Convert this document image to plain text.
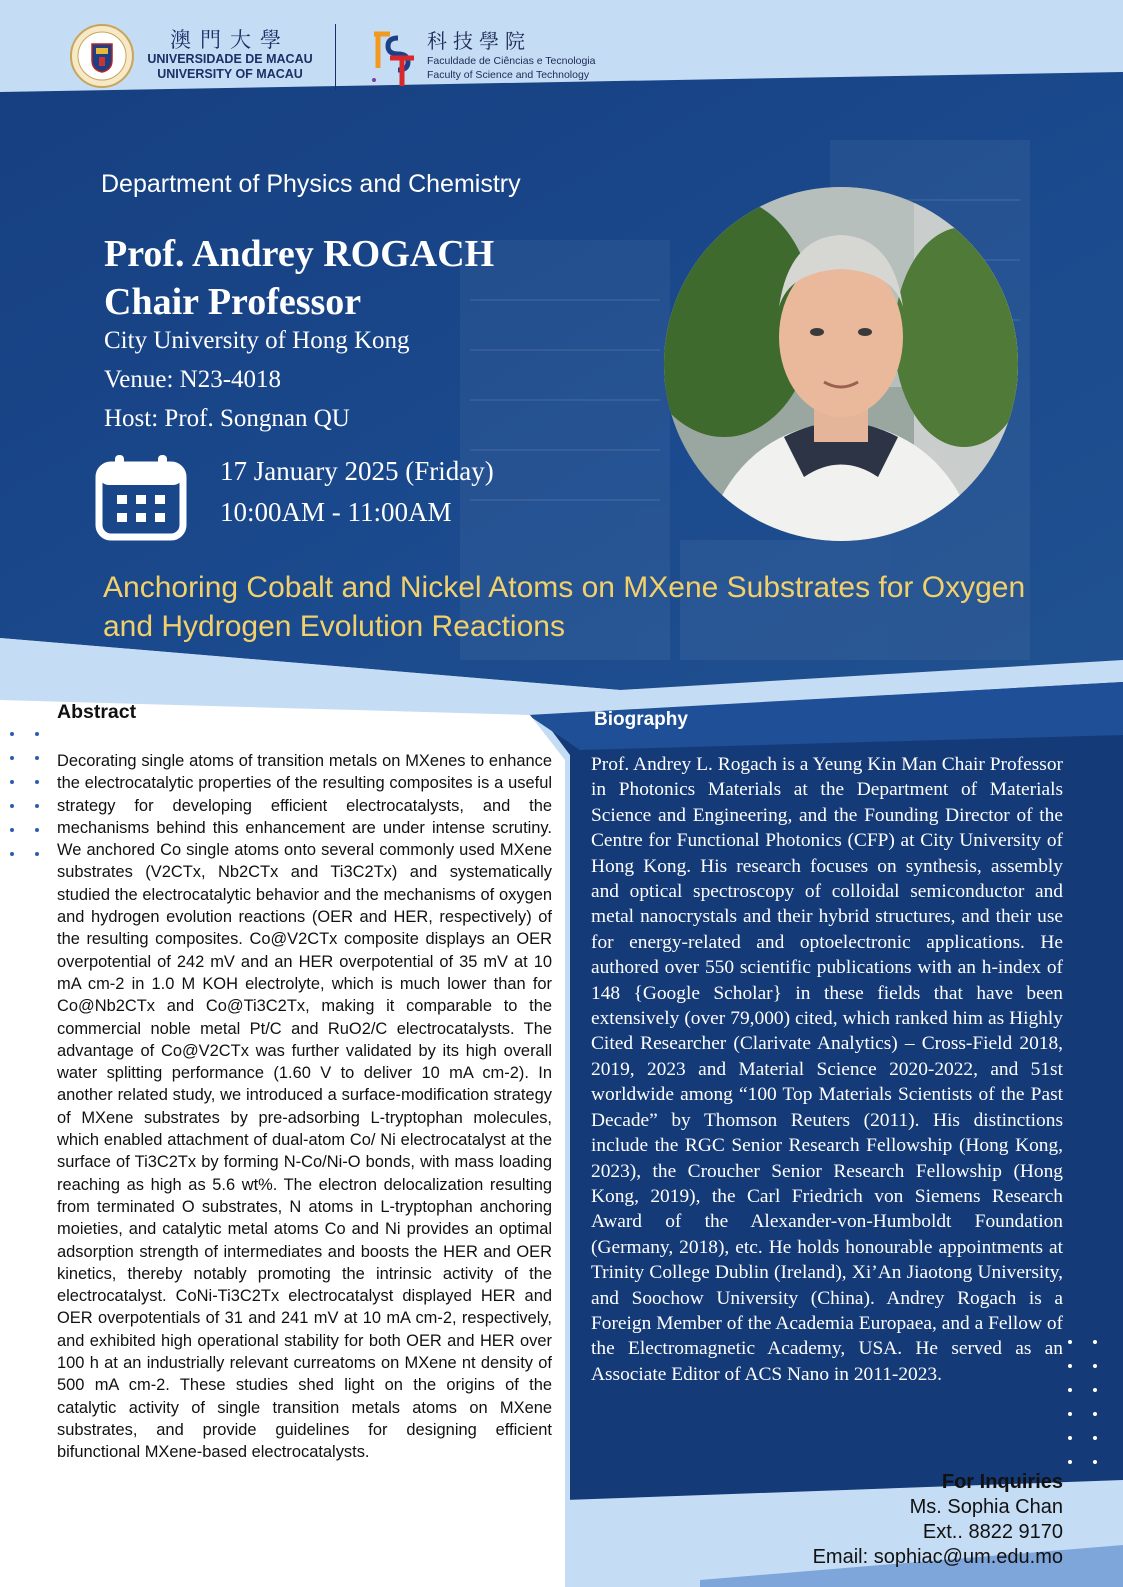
澳門大學
UNIVERSIDADE DE MACAU
UNIVERSITY OF MACAU
科技學院
Faculdade de Ciências e Tecnologia
Faculty of Science and Technology
Department of Physics and Chemistry
Prof. Andrey ROGACH
Chair Professor
City University of Hong Kong
Venue: N23-4018
Host: Prof. Songnan QU
17 January 2025 (Friday)
10:00AM - 11:00AM
Anchoring Cobalt and Nickel Atoms on MXene Substrates for Oxygen and Hydrogen Evolution Reactions
Abstract
Decorating single atoms of transition metals on MXenes to enhance the electrocatalytic properties of the resulting composites is a useful strategy for developing efficient electrocatalysts, and the mechanisms behind this enhancement are under intense scrutiny. We anchored Co single atoms onto several commonly used MXene substrates (V2CTx, Nb2CTx and Ti3C2Tx) and systematically studied the electrocatalytic behavior and the mechanisms of oxygen and hydrogen evolution reactions (OER and HER, respectively) of the resulting composites. Co@V2CTx composite displays an OER overpotential of 242 mV and an HER overpotential of 35 mV at 10 mA cm-2 in 1.0 M KOH electrolyte, which is much lower than for Co@Nb2CTx and Co@Ti3C2Tx, making it comparable to the commercial noble metal Pt/C and RuO2/C electrocatalysts. The advantage of Co@V2CTx was further validated by its high overall water splitting performance (1.60 V to deliver 10 mA cm-2). In another related study, we introduced a surface-modification strategy of MXene substrates by pre-adsorbing L-tryptophan molecules, which enabled attachment of dual-atom Co/ Ni electrocatalyst at the surface of Ti3C2Tx by forming N-Co/Ni-O bonds, with mass loading reaching as high as 5.6 wt%. The electron delocalization resulting from terminated O substrates, N atoms in L-tryptophan anchoring moieties, and catalytic metal atoms Co and Ni provides an optimal adsorption strength of intermediates and boosts the HER and OER kinetics, thereby notably promoting the intrinsic activity of the electrocatalyst. CoNi-Ti3C2Tx electrocatalyst displayed HER and OER overpotentials of 31 and 241 mV at 10 mA cm-2, respectively, and exhibited high operational stability for both OER and HER over 100 h at an industrially relevant curreatoms on MXene nt density of 500 mA cm-2. These studies shed light on the origins of the catalytic activity of single transition metals atoms on MXene substrates, and provide guidelines for designing efficient bifunctional MXene-based electrocatalysts.
Biography
Prof. Andrey L. Rogach is a Yeung Kin Man Chair Professor in Photonics Materials at the Department of Materials Science and Engineering, and the Founding Director of the Centre for Functional Photonics (CFP) at City University of Hong Kong. His research focuses on synthesis, assembly and optical spectroscopy of colloidal semiconductor and metal nanocrystals and their hybrid structures, and their use for energy-related and optoelectronic applications. He authored over 550 scientific publications with an h-index of 148 {Google Scholar} in these fields that have been extensively (over 79,000) cited, which ranked him as Highly Cited Researcher (Clarivate Analytics) – Cross-Field 2018, 2019, 2023 and Material Science 2020-2022, and 51st worldwide among “100 Top Materials Scientists of the Past Decade” by Thomson Reuters (2011). His distinctions include the RGC Senior Research Fellowship (Hong Kong, 2023), the Croucher Senior Research Fellowship (Hong Kong, 2019), the Carl Friedrich von Siemens Research Award of the Alexander-von-Humboldt Foundation (Germany, 2018), etc. He holds honourable appointments at Trinity College Dublin (Ireland), Xi’An Jiaotong University, and Soochow University (China). Andrey Rogach is a Foreign Member of the Academia Europaea, and a Fellow of the Electromagnetic Academy, USA. He served as an Associate Editor of ACS Nano in 2011-2023.
For Inquiries
Ms. Sophia Chan
Ext.. 8822 9170
Email: sophiac@um.edu.mo
